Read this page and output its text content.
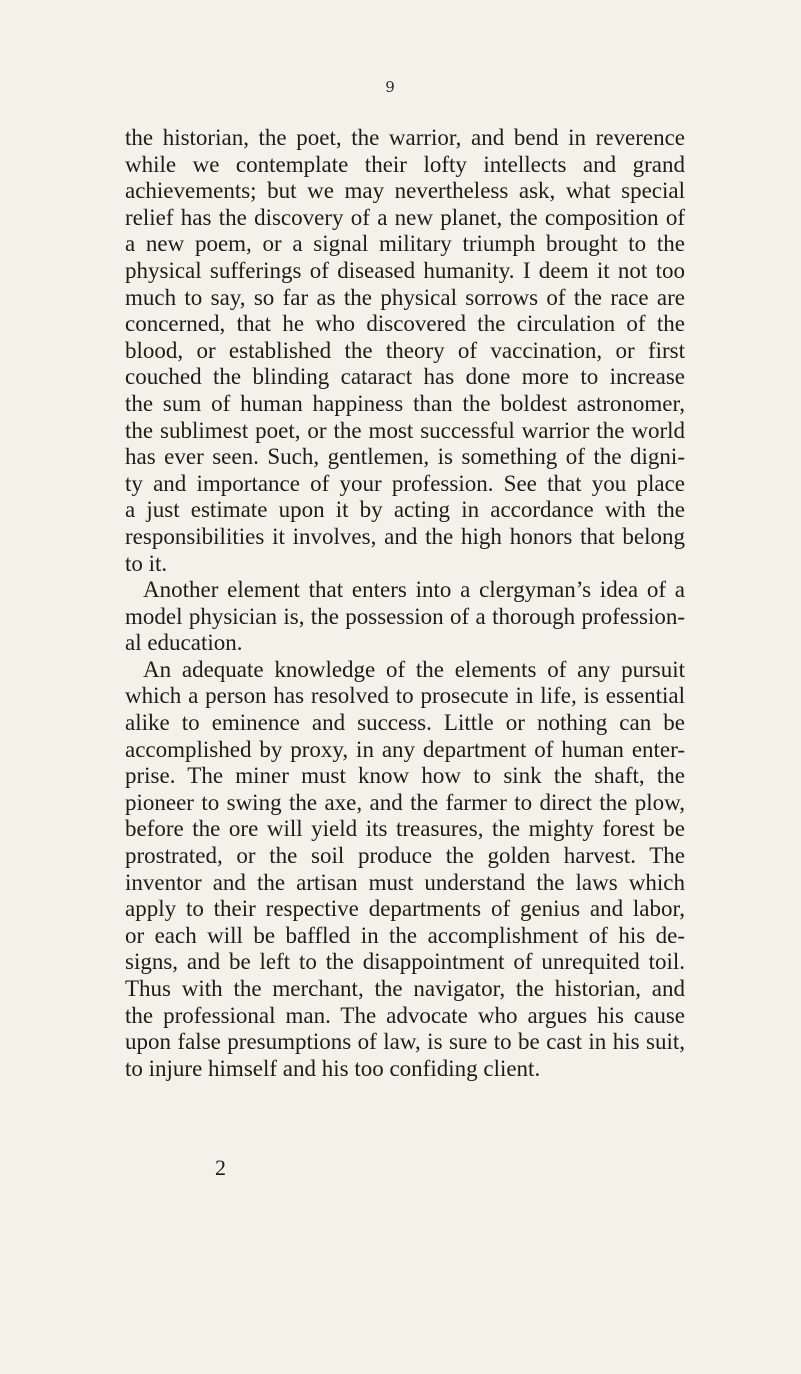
9
the historian, the poet, the warrior, and bend in reverence
while we contemplate their lofty intellects and grand
achievements; but we may nevertheless ask, what special
relief has the discovery of a new planet, the composition of
a new poem, or a signal military triumph brought to the
physical sufferings of diseased humanity. I deem it not too
much to say, so far as the physical sorrows of the race are
concerned, that he who discovered the circulation of the
blood, or established the theory of vaccination, or first
couched the blinding cataract has done more to increase
the sum of human happiness than the boldest astronomer,
the sublimest poet, or the most successful warrior the world
has ever seen. Such, gentlemen, is something of the digni-
ty and importance of your profession. See that you place
a just estimate upon it by acting in accordance with the
responsibilities it involves, and the high honors that belong
to it.
Another element that enters into a clergyman’s idea of a
model physician is, the possession of a thorough profession-
al education.
An adequate knowledge of the elements of any pursuit
which a person has resolved to prosecute in life, is essential
alike to eminence and success. Little or nothing can be
accomplished by proxy, in any department of human enter-
prise. The miner must know how to sink the shaft, the
pioneer to swing the axe, and the farmer to direct the plow,
before the ore will yield its treasures, the mighty forest be
prostrated, or the soil produce the golden harvest. The
inventor and the artisan must understand the laws which
apply to their respective departments of genius and labor,
or each will be baffled in the accomplishment of his de-
signs, and be left to the disappointment of unrequited toil.
Thus with the merchant, the navigator, the historian, and
the professional man. The advocate who argues his cause
upon false presumptions of law, is sure to be cast in his suit,
to injure himself and his too confiding client.
2
